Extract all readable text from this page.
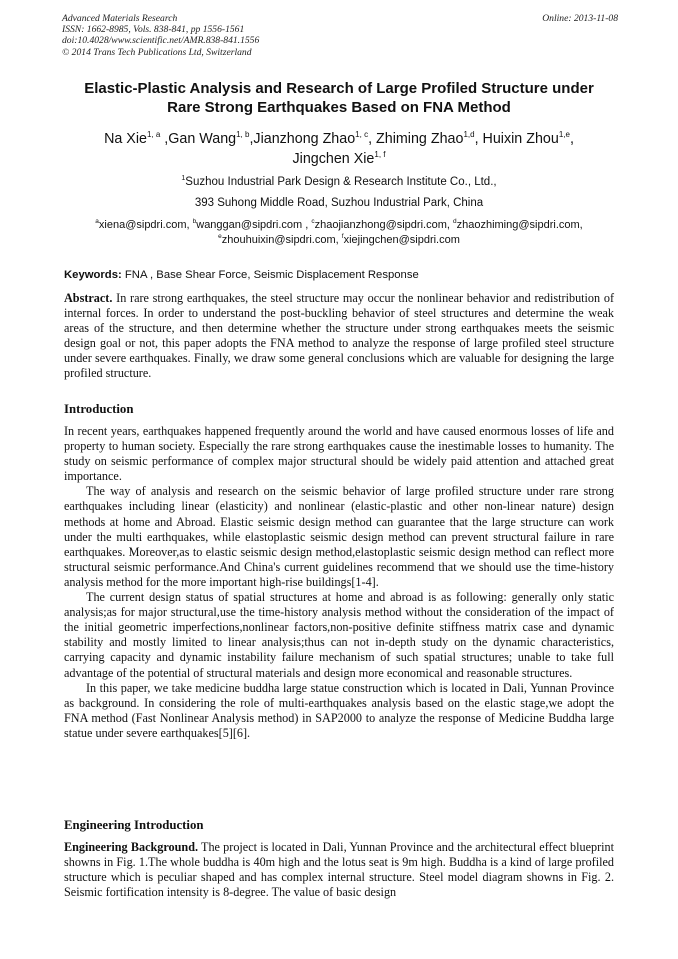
Advanced Materials Research
ISSN: 1662-8985, Vols. 838-841, pp 1556-1561
doi:10.4028/www.scientific.net/AMR.838-841.1556
© 2014 Trans Tech Publications Ltd, Switzerland
Online: 2013-11-08
Elastic-Plastic Analysis and Research of Large Profiled Structure under
Rare Strong Earthquakes Based on FNA Method
Na Xie$^{1, a}$ ,Gan Wang$^{1, b}$,Jianzhong Zhao$^{1, c}$, Zhiming Zhao$^{1,d}$, Huixin Zhou$^{1,e}$,
Jingchen Xie$^{1, f}$
$^1$Suzhou Industrial Park Design & Research Institute Co., Ltd.,
393 Suhong Middle Road, Suzhou Industrial Park, China
$^a$xiena@sipdri.com, $^b$wanggan@sipdri.com , $^c$zhaojianzhong@sipdri.com, $^d$zhaozhiming@sipdri.com,
$^e$zhouhuixin@sipdri.com, $^f$xiejingchen@sipdri.com
Keywords: FNA , Base Shear Force, Seismic Displacement Response
Abstract. In rare strong earthquakes, the steel structure may occur the nonlinear behavior and redistribution of internal forces. In order to understand the post-buckling behavior of steel structures and determine the weak areas of the structure, and then determine whether the structure under strong earthquakes meets the seismic design goal or not, this paper adopts the FNA method to analyze the response of large profiled steel structure under severe earthquakes. Finally, we draw some general conclusions which are valuable for designing the large profiled structure.
Introduction
In recent years, earthquakes happened frequently around the world and have caused enormous losses of life and property to human society. Especially the rare strong earthquakes cause the inestimable losses to humanity. The study on seismic performance of complex major structural should be widely paid attention and attached great importance.
The way of analysis and research on the seismic behavior of large profiled structure under rare strong earthquakes including linear (elasticity) and nonlinear (elastic-plastic and other non-linear nature) design methods at home and Abroad. Elastic seismic design method can guarantee that the large structure can work under the multi earthquakes, while elastoplastic seismic design method can prevent structural failure in rare earthquakes. Moreover,as to elastic seismic design method,elastoplastic seismic design method can reflect more structural seismic performance.And China's current guidelines recommend that we should use the time-history analysis method for the more important high-rise buildings[1-4].
The current design status of spatial structures at home and abroad is as following: generally only static analysis;as for major structural,use the time-history analysis method without the consideration of the impact of the initial geometric imperfections,nonlinear factors,non-positive definite stiffness matrix case and dynamic stability and mostly limited to linear analysis;thus can not in-depth study on the dynamic characteristics, carrying capacity and dynamic instability failure mechanism of such spatial structures; unable to take full advantage of the potential of structural materials and design more economical and reasonable structures.
In this paper, we take medicine buddha large statue construction which is located in Dali, Yunnan Province as background. In considering the role of multi-earthquakes analysis based on the elastic stage,we adopt the FNA method (Fast Nonlinear Analysis method) in SAP2000 to analyze the response of Medicine Buddha large statue under severe earthquakes[5][6].
Engineering Introduction
Engineering Background. The project is located in Dali, Yunnan Province and the architectural effect blueprint showns in Fig. 1.The whole buddha is 40m high and the lotus seat is 9m high. Buddha is a kind of large profiled structure which is peculiar shaped and has complex internal structure. Steel model diagram showns in Fig. 2. Seismic fortification intensity is 8-degree. The value of basic design
